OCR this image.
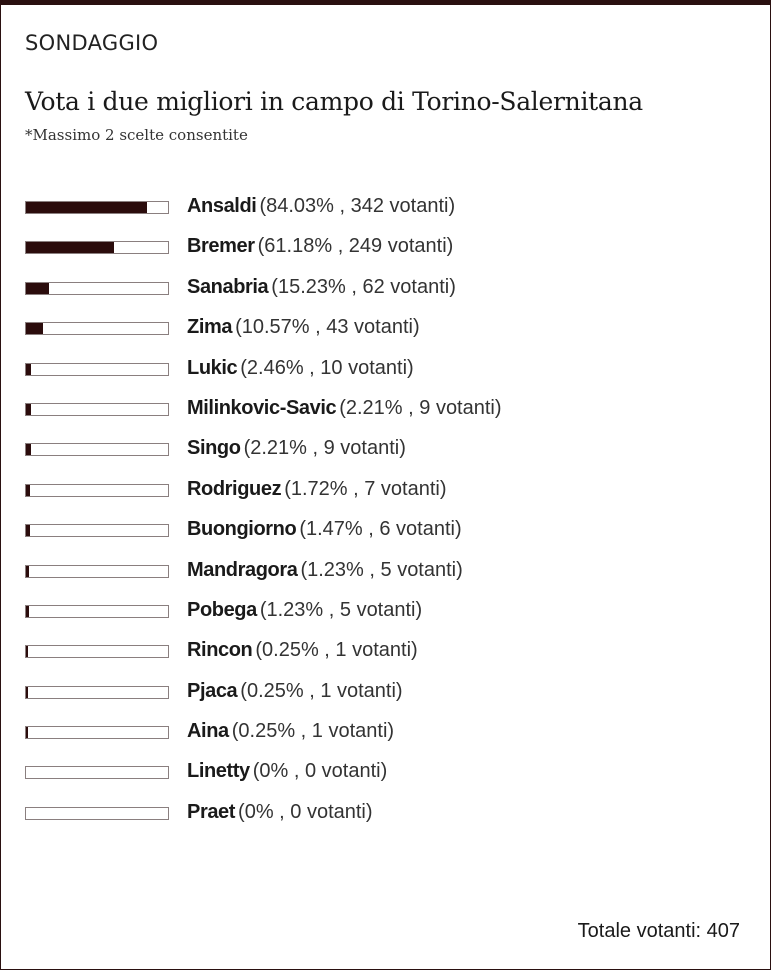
SONDAGGIO
Vota i due migliori in campo di Torino-Salernitana
*Massimo 2 scelte consentite
Ansaldi (84.03% , 342 votanti)
Bremer (61.18% , 249 votanti)
Sanabria (15.23% , 62 votanti)
Zima (10.57% , 43 votanti)
Lukic (2.46% , 10 votanti)
Milinkovic-Savic (2.21% , 9 votanti)
Singo (2.21% , 9 votanti)
Rodriguez (1.72% , 7 votanti)
Buongiorno (1.47% , 6 votanti)
Mandragora (1.23% , 5 votanti)
Pobega (1.23% , 5 votanti)
Rincon (0.25% , 1 votanti)
Pjaca (0.25% , 1 votanti)
Aina (0.25% , 1 votanti)
Linetty (0% , 0 votanti)
Praet (0% , 0 votanti)
Totale votanti: 407
